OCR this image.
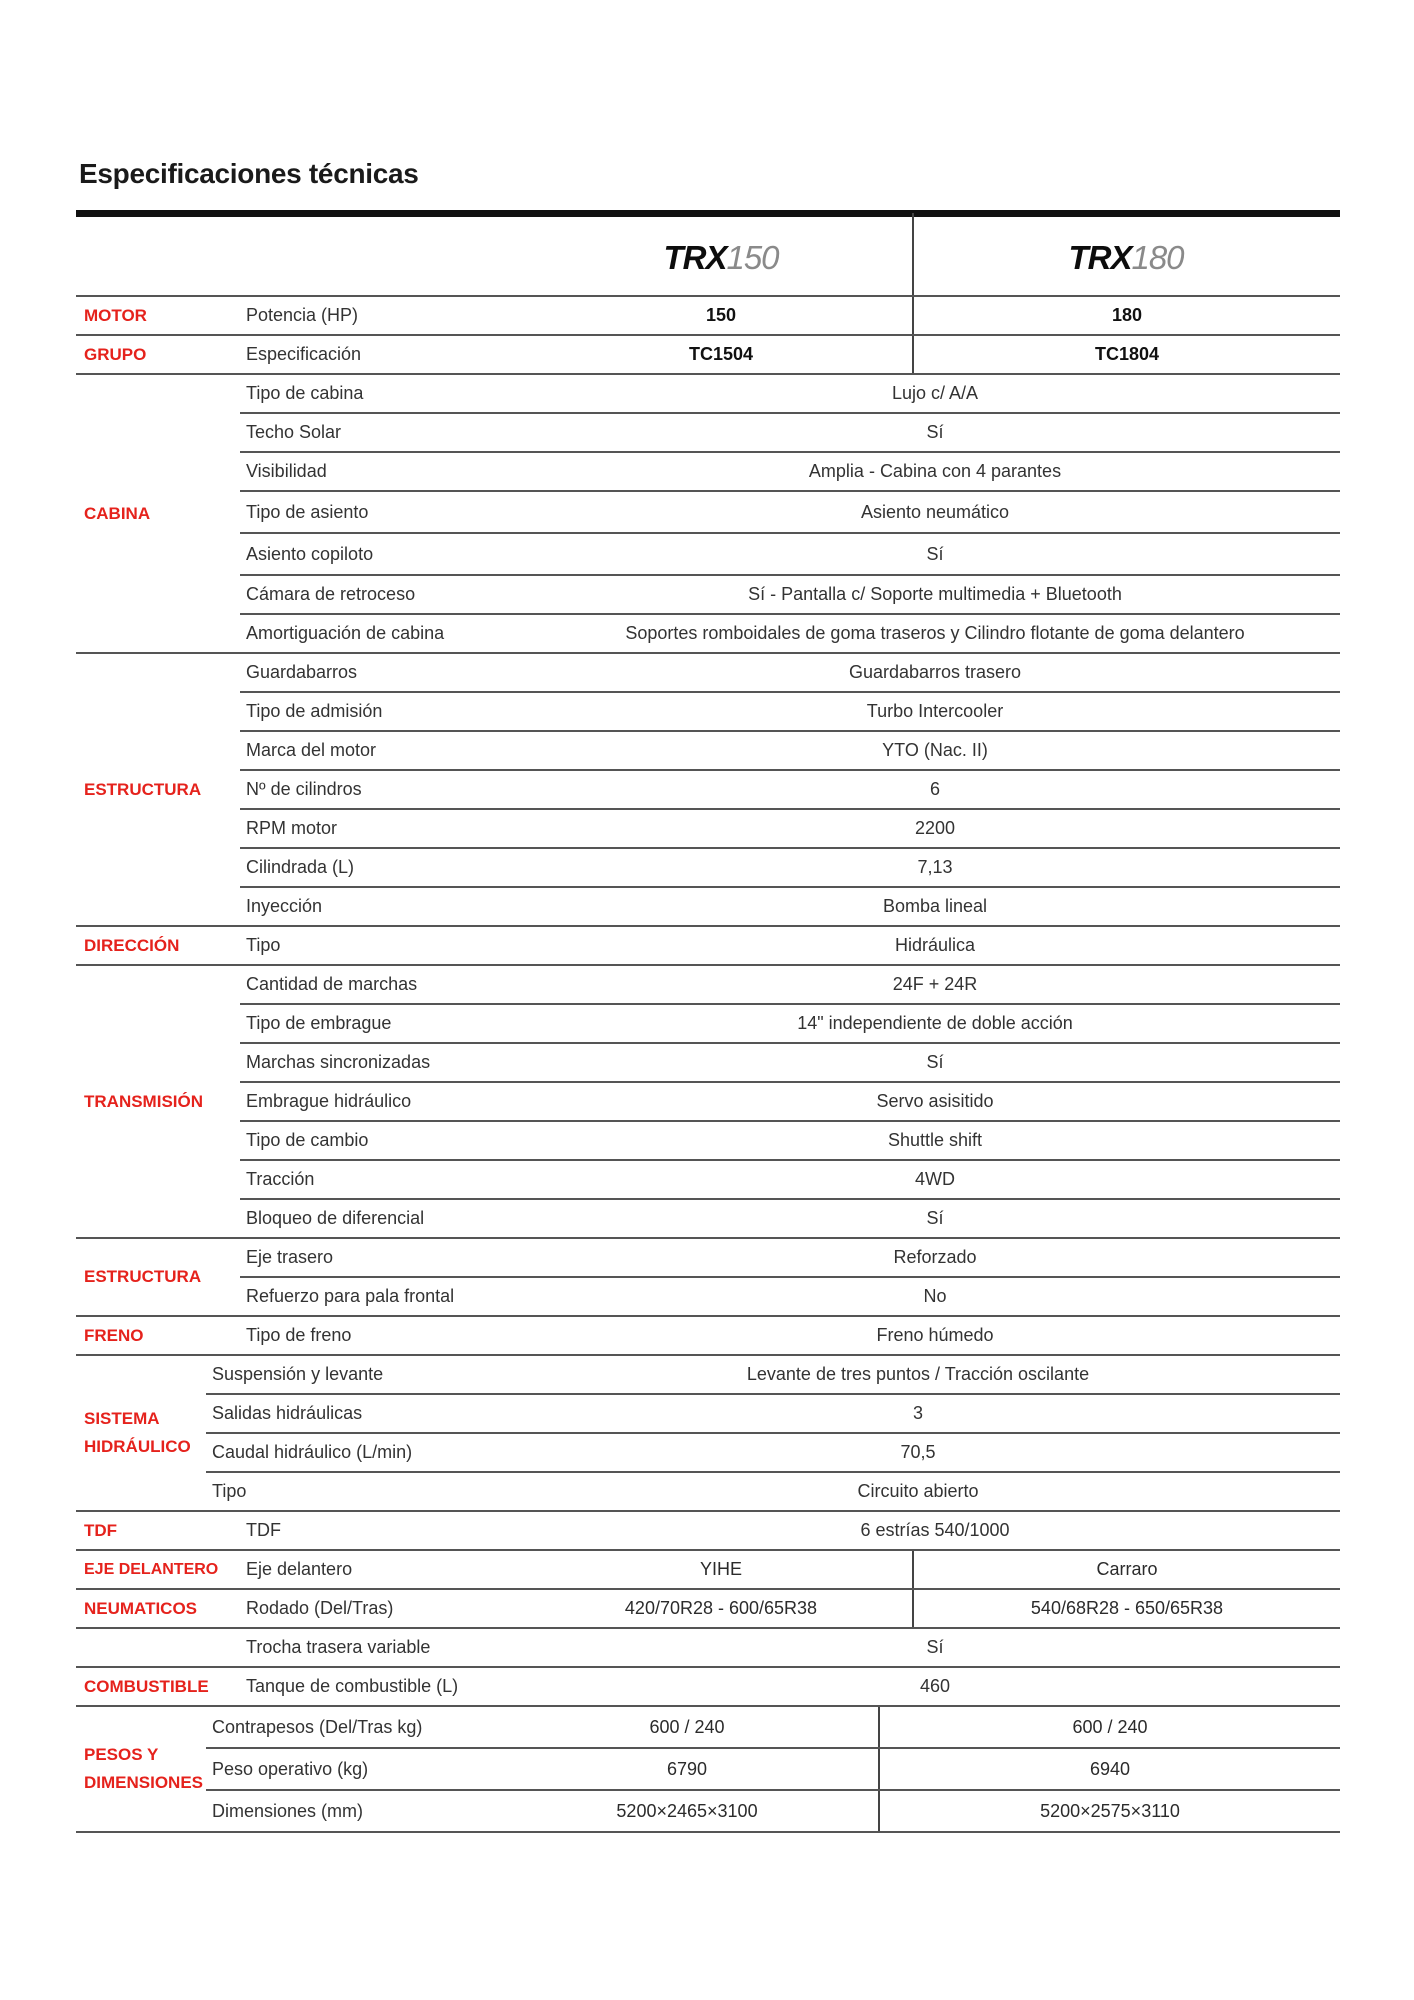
Especificaciones técnicas
TRX150	TRX180
MOTOR	Potencia (HP)	150	180
GRUPO	Especificación	TC1504	TC1804
CABINA
Tipo de cabina	Lujo c/ A/A
Techo Solar	Sí
Visibilidad	Amplia - Cabina con 4 parantes
Tipo de asiento	Asiento neumático
Asiento copiloto	Sí
Cámara de retroceso	Sí - Pantalla c/ Soporte multimedia + Bluetooth
Amortiguación de cabina	Soportes romboidales de goma traseros y Cilindro flotante de goma delantero
ESTRUCTURA
Guardabarros	Guardabarros trasero
Tipo de admisión	Turbo Intercooler
Marca del motor	YTO (Nac. II)
Nº de cilindros	6
RPM motor	2200
Cilindrada (L)	7,13
Inyección	Bomba lineal
DIRECCIÓN	Tipo	Hidráulica
TRANSMISIÓN
Cantidad de marchas	24F + 24R
Tipo de embrague	14" independiente de doble acción
Marchas sincronizadas	Sí
Embrague hidráulico	Servo asisitido
Tipo de cambio	Shuttle shift
Tracción	4WD
Bloqueo de diferencial	Sí
ESTRUCTURA
Eje trasero	Reforzado
Refuerzo para pala frontal	No
FRENO	Tipo de freno	Freno húmedo
SISTEMA HIDRÁULICO
Suspensión y levante	Levante de tres puntos / Tracción oscilante
Salidas hidráulicas	3
Caudal hidráulico (L/min)	70,5
Tipo	Circuito abierto
TDF	TDF	6 estrías 540/1000
EJE DELANTERO	Eje delantero	YIHE	Carraro
NEUMATICOS	Rodado (Del/Tras)	420/70R28 - 600/65R38	540/68R28 - 650/65R38
Trocha trasera variable	Sí
COMBUSTIBLE	Tanque de combustible (L)	460
PESOS Y DIMENSIONES
Contrapesos (Del/Tras kg)	600 / 240	600 / 240
Peso operativo (kg)	6790	6940
Dimensiones (mm)	5200×2465×3100	5200×2575×3110
